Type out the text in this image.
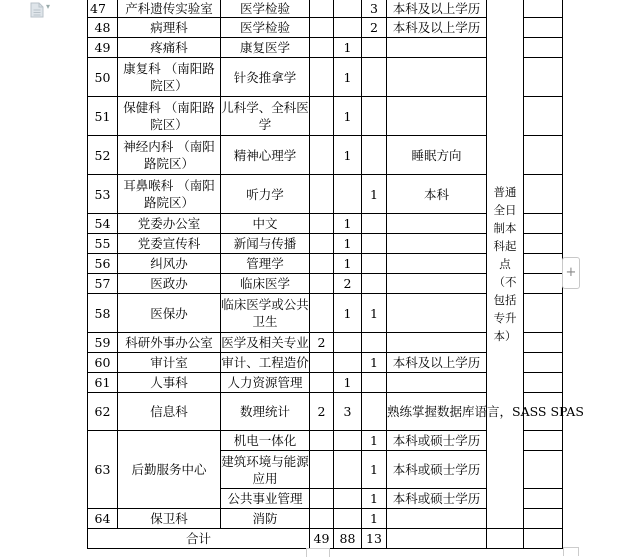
▾	47	产科遗传实验室	医学检验			3	本科及以上学历	普通全日制本科起点（不包括专升本）	
48	病理科	医学检验			2	本科及以上学历		
49	疼痛科	康复医学		1				
50	康复科 （南阳路院区）	针灸推拿学		1				
51	保健科 （南阳路院区）	儿科学、全科医学		1				
52	神经内科 （南阳路院区）	精神心理学		1		睡眠方向		
53	耳鼻喉科 （南阳路院区）	听力学			1	本科		
54	党委办公室	中文		1				
55	党委宣传科	新闻与传播		1				
56	纠风办	管理学		1				
57	医政办	临床医学		2				
58	医保办	临床医学或公共卫生		1	1			
59	科研外事办公室	医学及相关专业	2					
60	审计室	审计、工程造价			1	本科及以上学历		
61	人事科	人力资源管理		1				
62	信息科	数理统计	2	3		熟练掌握数据库语言，SASS SPAS		
63	后勤服务中心	机电一体化			1	本科或硕士学历		
		建筑环境与能源应用			1	本科或硕士学历		
		公共事业管理			1	本科或硕士学历		
64	保卫科	消防			1			
合计			49	88	13			
+
